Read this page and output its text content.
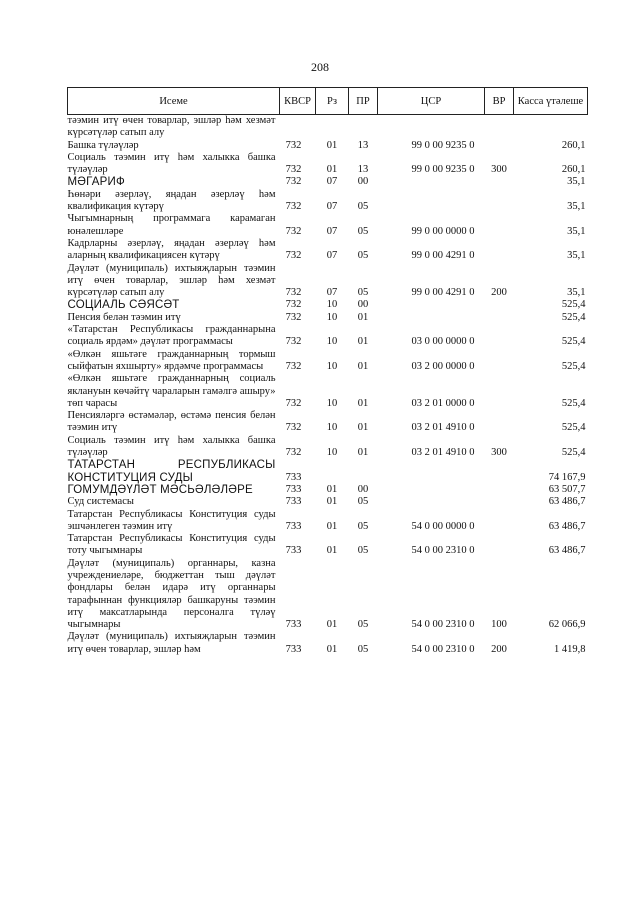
208
Исеме	КВСР	Рз	ПР	ЦСР	ВР	Касса үтәлеше
тәэмин итү өчен товарлар, эшләр һәм хезмәт күрсәтүләр сатып алу						
Башка түләүләр	732	01	13	99 0 00 9235 0		260,1
Социаль тәэмин итү һәм халыкка башка түләүләр	732	01	13	99 0 00 9235 0	300	260,1
МӘГАРИФ	732	07	00			35,1
Һөнәри әзерләү, яңадан әзерләү һәм квалификация күтәрү	732	07	05			35,1
Чыгымнарның программага карамаган юнәлешләре	732	07	05	99 0 00 0000 0		35,1
Кадрларны әзерләү, яңадан әзерләү һәм аларның квалификациясен күтәрү	732	07	05	99 0 00 4291 0		35,1
Дәүләт (муниципаль) ихтыяҗларын тәэмин итү өчен товарлар, эшләр һәм хезмәт күрсәтүләр сатып алу	732	07	05	99 0 00 4291 0	200	35,1
СОЦИАЛЬ СӘЯСӘТ	732	10	00			525,4
Пенсия белән тәэмин итү	732	10	01			525,4
«Татарстан Республикасы гражданнарына социаль ярдәм» дәүләт программасы	732	10	01	03 0 00 0000 0		525,4
«Өлкән яшьтәге гражданнарның тормыш сыйфатын яхшырту» ярдәмче программасы	732	10	01	03 2 00 0000 0		525,4
«Өлкән яшьтәге гражданнарның социаль яклануын көчәйтү чараларын гамәлгә ашыру» төп чарасы	732	10	01	03 2 01 0000 0		525,4
Пенсияләргә өстәмәләр, өстәмә пенсия белән тәэмин итү	732	10	01	03 2 01 4910 0		525,4
Социаль тәэмин итү һәм халыкка башка түләүләр	732	10	01	03 2 01 4910 0	300	525,4
ТАТАРСТАН РЕСПУБЛИКАСЫ КОНСТИТУЦИЯ СУДЫ	733					74 167,9
ГОМУМДӘҮЛӘТ МӘСЬӘЛӘЛӘРЕ	733	01	00			63 507,7
Суд системасы	733	01	05			63 486,7
Татарстан Республикасы Конституция суды эшчәнлеген тәэмин итү	733	01	05	54 0 00 0000 0		63 486,7
Татарстан Республикасы Конституция суды тоту чыгымнары	733	01	05	54 0 00 2310 0		63 486,7
Дәүләт (муниципаль) органнары, казна учреждениеләре, бюджеттан тыш дәүләт фондлары белән идарә итү органнары тарафыннан функцияләр башкаруны тәэмин итү максатларында персоналга түләү чыгымнары	733	01	05	54 0 00 2310 0	100	62 066,9
Дәүләт (муниципаль) ихтыяҗларын тәэмин итү өчен товарлар, эшләр һәм	733	01	05	54 0 00 2310 0	200	1 419,8
